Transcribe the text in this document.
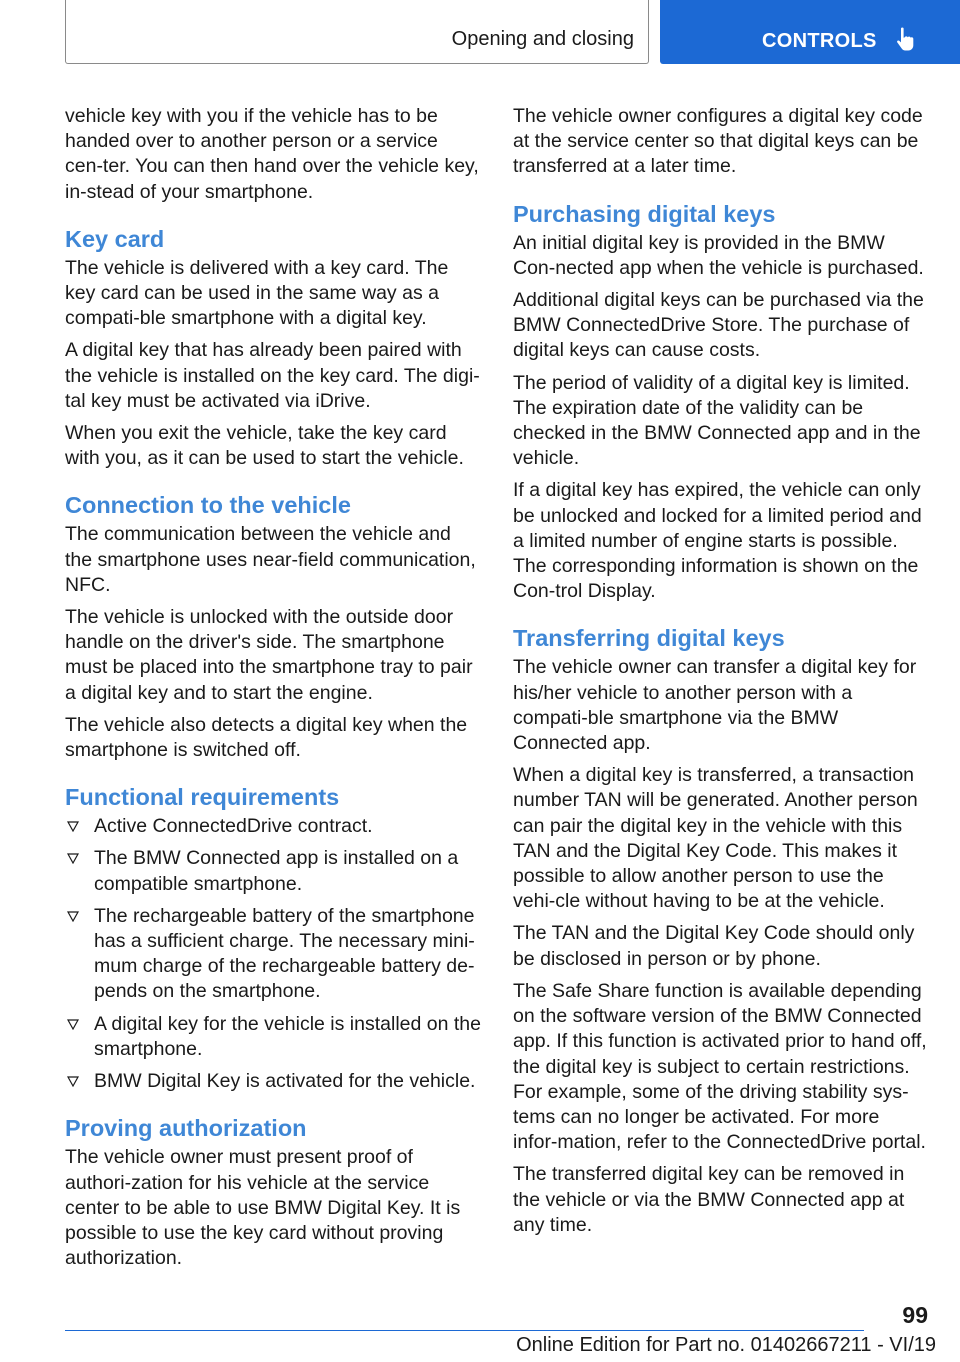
Opening and closing	CONTROLS

vehicle key with you if the vehicle has to be handed over to another person or a service cen-ter. You can then hand over the vehicle key, in-stead of your smartphone.

Key card

The vehicle is delivered with a key card. The key card can be used in the same way as a compati-ble smartphone with a digital key.

A digital key that has already been paired with the vehicle is installed on the key card. The digi-tal key must be activated via iDrive.

When you exit the vehicle, take the key card with you, as it can be used to start the vehicle.

Connection to the vehicle

The communication between the vehicle and the smartphone uses near-field communication, NFC.

The vehicle is unlocked with the outside door handle on the driver's side. The smartphone must be placed into the smartphone tray to pair a digital key and to start the engine.

The vehicle also detects a digital key when the smartphone is switched off.

Functional requirements
Active ConnectedDrive contract.
The BMW Connected app is installed on a compatible smartphone.
The rechargeable battery of the smartphone has a sufficient charge. The necessary mini-mum charge of the rechargeable battery de-pends on the smartphone.
A digital key for the vehicle is installed on the smartphone.
BMW Digital Key is activated for the vehicle.
Proving authorization

The vehicle owner must present proof of authori-zation for his vehicle at the service center to be able to use BMW Digital Key. It is possible to use the key card without proving authorization.

The vehicle owner configures a digital key code at the service center so that digital keys can be transferred at a later time.

Purchasing digital keys

An initial digital key is provided in the BMW Con-nected app when the vehicle is purchased.

Additional digital keys can be purchased via the BMW ConnectedDrive Store. The purchase of digital keys can cause costs.

The period of validity of a digital key is limited. The expiration date of the validity can be checked in the BMW Connected app and in the vehicle.

If a digital key has expired, the vehicle can only be unlocked and locked for a limited period and a limited number of engine starts is possible. The corresponding information is shown on the Con-trol Display.

Transferring digital keys

The vehicle owner can transfer a digital key for his/her vehicle to another person with a compati-ble smartphone via the BMW Connected app.

When a digital key is transferred, a transaction number TAN will be generated. Another person can pair the digital key in the vehicle with this TAN and the Digital Key Code. This makes it possible to allow another person to use the vehi-cle without having to be at the vehicle.

The TAN and the Digital Key Code should only be disclosed in person or by phone.

The Safe Share function is available depending on the software version of the BMW Connected app. If this function is activated prior to hand off, the digital key is subject to certain restrictions. For example, some of the driving stability sys-tems can no longer be activated. For more infor-mation, refer to the ConnectedDrive portal.

The transferred digital key can be removed in the vehicle or via the BMW Connected app at any time.

99
Online Edition for Part no. 01402667211 - VI/19
